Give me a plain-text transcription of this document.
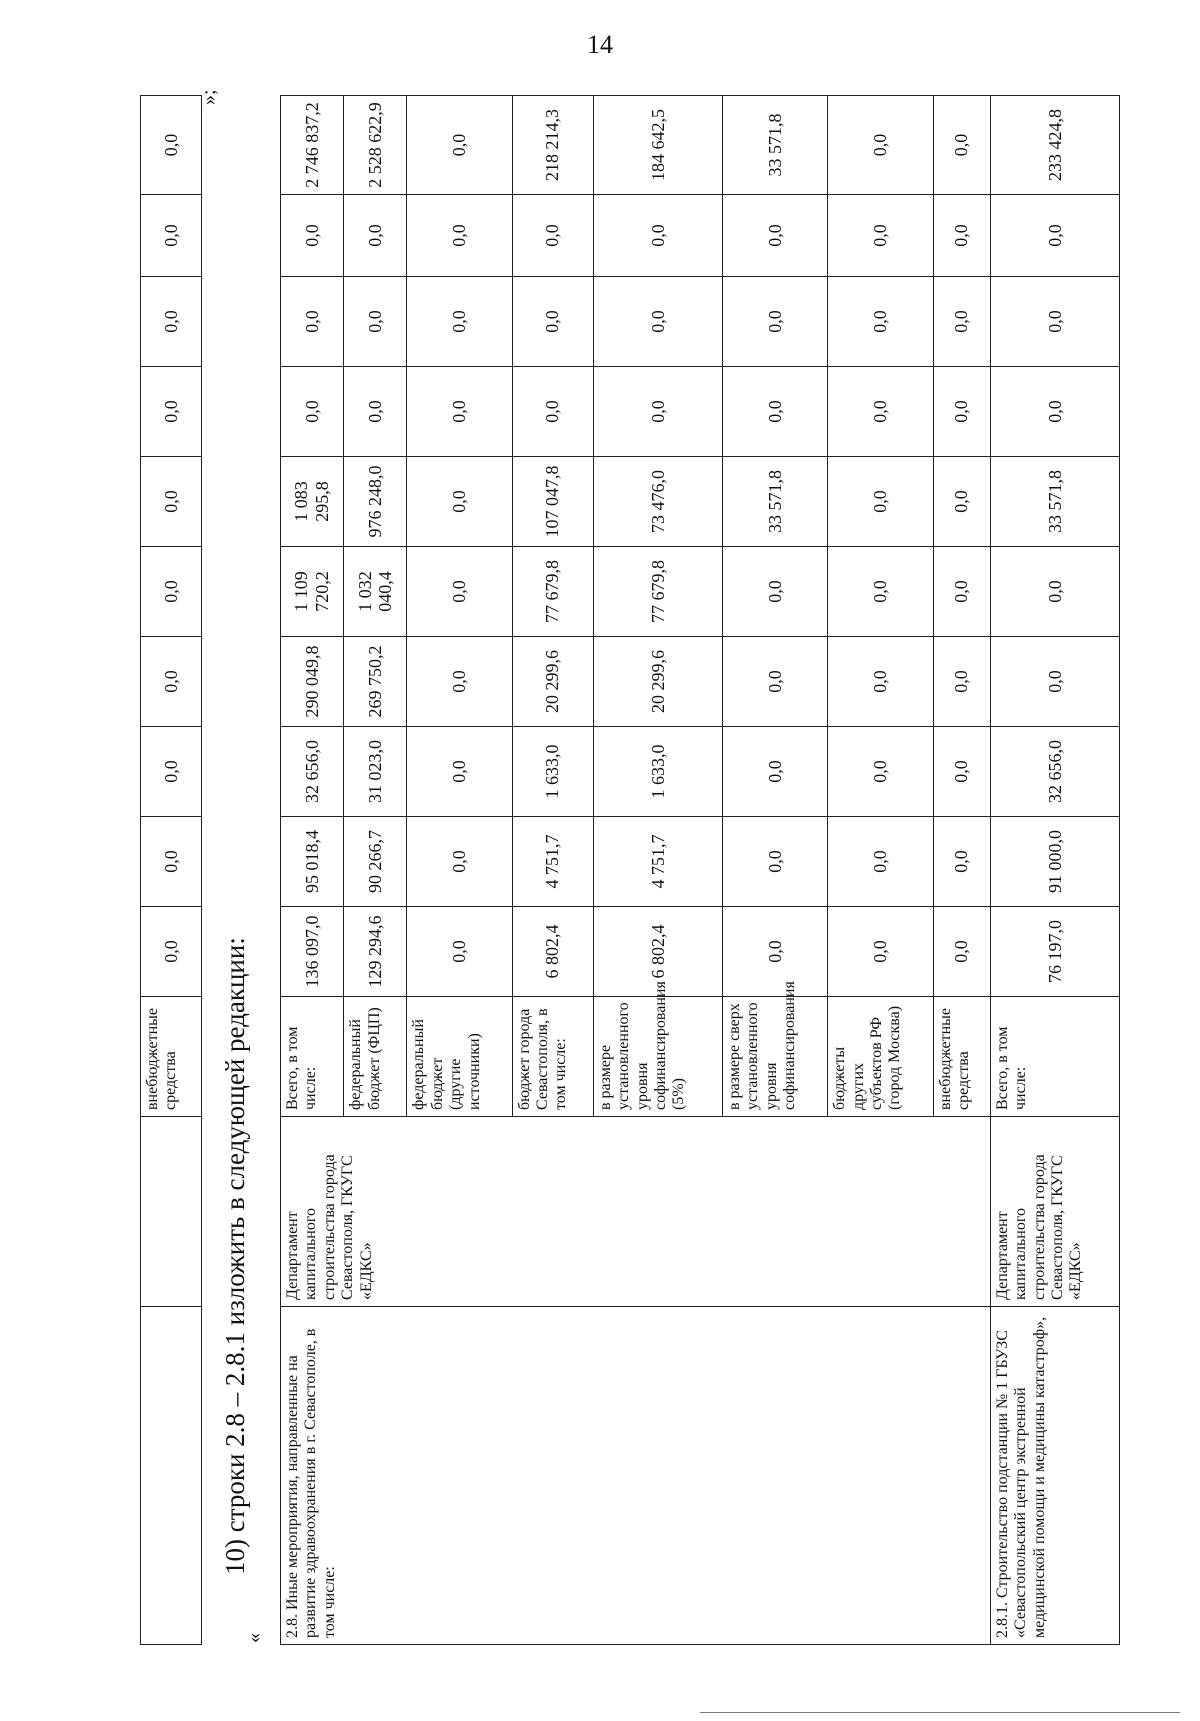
14
		внебюджетные средства	0,0	0,0	0,0	0,0	0,0	0,0	0,0	0,0	0,0	0,0
»;
10) строки 2.8 – 2.8.1 изложить в следующей редакции:
« 2.8. Иные мероприятия, направленные на развитие здравоохранения в г. Севастополе, в том числе:	Департамент капитального строительства города Севастополя, ГКУГС «ЕДКС»	Всего, в том числе:	136 097,0	95 018,4	32 656,0	290 049,8	1 109 720,2	1 083 295,8	0,0	0,0	0,0	2 746 837,2
		федеральный бюджет (ФЦП)	129 294,6	90 266,7	31 023,0	269 750,2	1 032 040,4	976 248,0	0,0	0,0	0,0	2 528 622,9
		федеральный бюджет (другие источники)	0,0	0,0	0,0	0,0	0,0	0,0	0,0	0,0	0,0	0,0
		бюджет города Севастополя, в том числе:	6 802,4	4 751,7	1 633,0	20 299,6	77 679,8	107 047,8	0,0	0,0	0,0	218 214,3
		в размере установленного уровня софинансирования (5%)	6 802,4	4 751,7	1 633,0	20 299,6	77 679,8	73 476,0	0,0	0,0	0,0	184 642,5
		в размере сверх установленного уровня софинансирования	0,0	0,0	0,0	0,0	0,0	33 571,8	0,0	0,0	0,0	33 571,8
		бюджеты других субъектов РФ (город Москва)	0,0	0,0	0,0	0,0	0,0	0,0	0,0	0,0	0,0	0,0
		внебюджетные средства	0,0	0,0	0,0	0,0	0,0	0,0	0,0	0,0	0,0	0,0
2.8.1. Строительство подстанции № 1 ГБУЗС «Севастопольский центр экстренной медицинской помощи и медицины катастроф»,	Департамент капитального строительства города Севастополя, ГКУГС «ЕДКС»	Всего, в том числе:	76 197,0	91 000,0	32 656,0	0,0	0,0	33 571,8	0,0	0,0	0,0	233 424,8
